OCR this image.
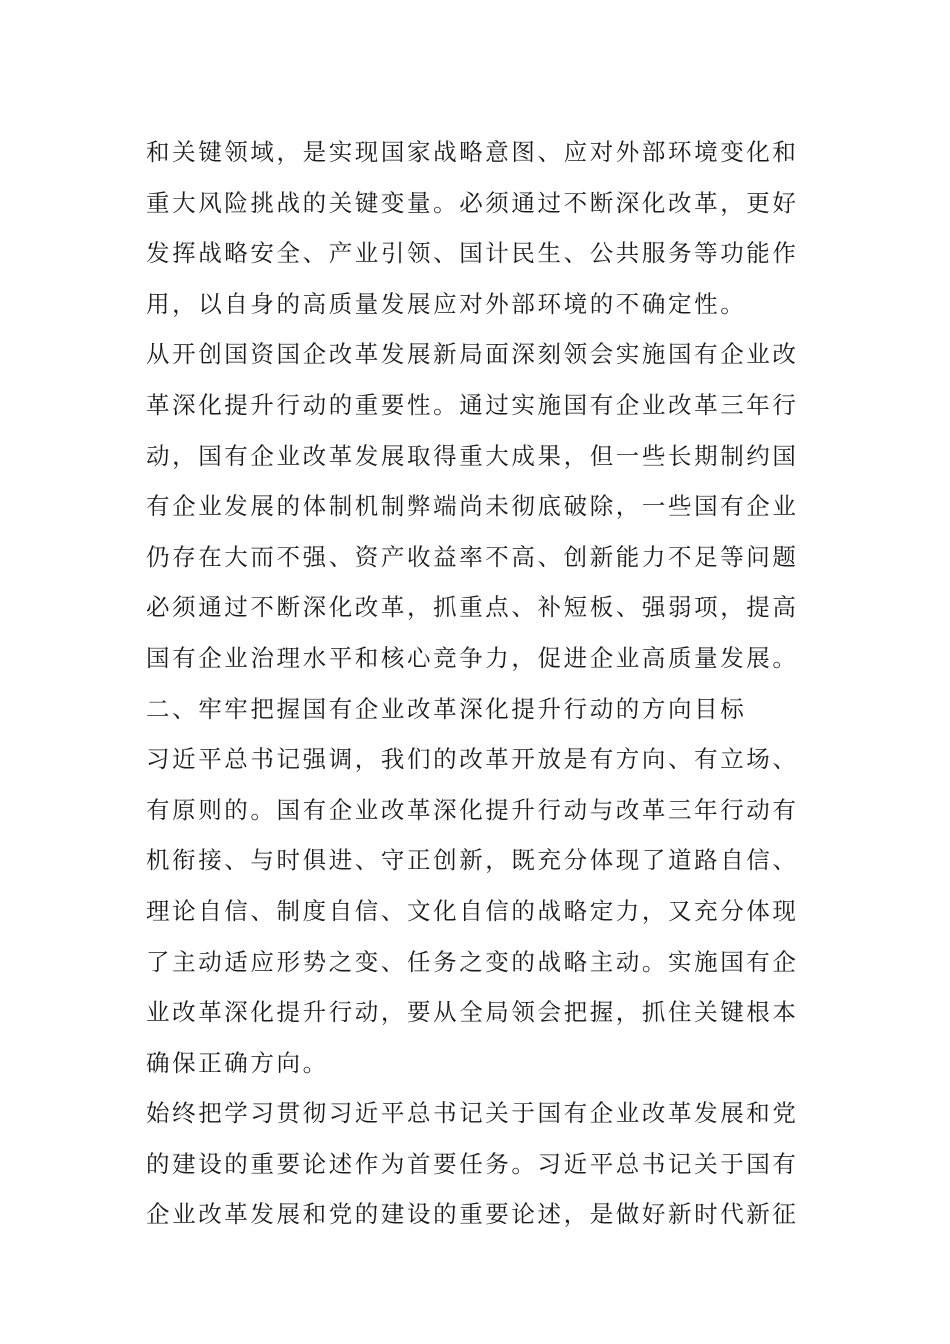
和关键领域，是实现国家战略意图、应对外部环境变化和
重大风险挑战的关键变量。必须通过不断深化改革，更好
发挥战略安全、产业引领、国计民生、公共服务等功能作
用，以自身的高质量发展应对外部环境的不确定性。
从开创国资国企改革发展新局面深刻领会实施国有企业改
革深化提升行动的重要性。通过实施国有企业改革三年行
动，国有企业改革发展取得重大成果，但一些长期制约国
有企业发展的体制机制弊端尚未彻底破除，一些国有企业
仍存在大而不强、资产收益率不高、创新能力不足等问题
必须通过不断深化改革，抓重点、补短板、强弱项，提高
国有企业治理水平和核心竞争力，促进企业高质量发展。
二、牢牢把握国有企业改革深化提升行动的方向目标
习近平总书记强调，我们的改革开放是有方向、有立场、
有原则的。国有企业改革深化提升行动与改革三年行动有
机衔接、与时俱进、守正创新，既充分体现了道路自信、
理论自信、制度自信、文化自信的战略定力，又充分体现
了主动适应形势之变、任务之变的战略主动。实施国有企
业改革深化提升行动，要从全局领会把握，抓住关键根本
确保正确方向。
始终把学习贯彻习近平总书记关于国有企业改革发展和党
的建设的重要论述作为首要任务。习近平总书记关于国有
企业改革发展和党的建设的重要论述，是做好新时代新征
